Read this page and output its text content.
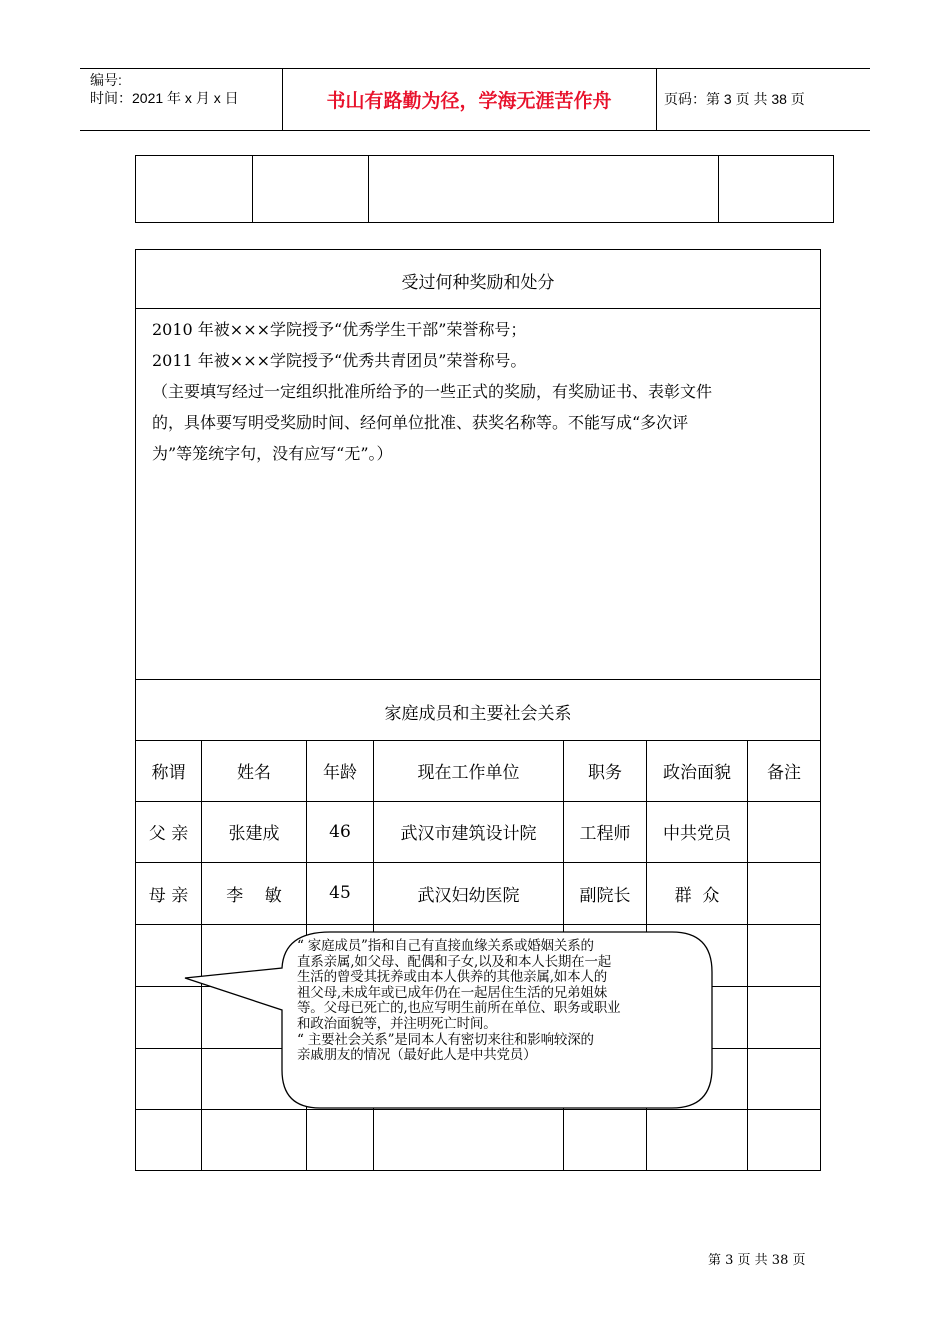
编号:
时间：2021 年 x 月 x 日	书山有路勤为径，学海无涯苦作舟	页码：第 3 页 共 38 页
受过何种奖励和处分
2010 年被×××学院授予“优秀学生干部”荣誉称号；
2011 年被×××学院授予“优秀共青团员”荣誉称号。
（主要填写经过一定组织批准所给予的一些正式的奖励，有奖励证书、表彰文件
的，具体要写明受奖励时间、经何单位批准、获奖名称等。不能写成“多次评
为”等笼统字句，没有应写“无”。）
家庭成员和主要社会关系
称谓	姓名	年龄	现在工作单位	职务	政治面貌	备注
父 亲	张建成	46	武汉市建筑设计院	工程师	中共党员
母 亲	李    敏	45	武汉妇幼医院	副院长	群  众
“ 家庭成员”指和自己有直接血缘关系或婚姻关系的
直系亲属,如父母、配偶和子女,以及和本人长期在一起
生活的曾受其抚养或由本人供养的其他亲属,如本人的
祖父母,未成年或已成年仍在一起居住生活的兄弟姐妹
等。父母已死亡的,也应写明生前所在单位、职务或职业
和政治面貌等，并注明死亡时间。
“ 主要社会关系”是同本人有密切来往和影响较深的
亲戚朋友的情况（最好此人是中共党员）
第 3 页 共 38 页
